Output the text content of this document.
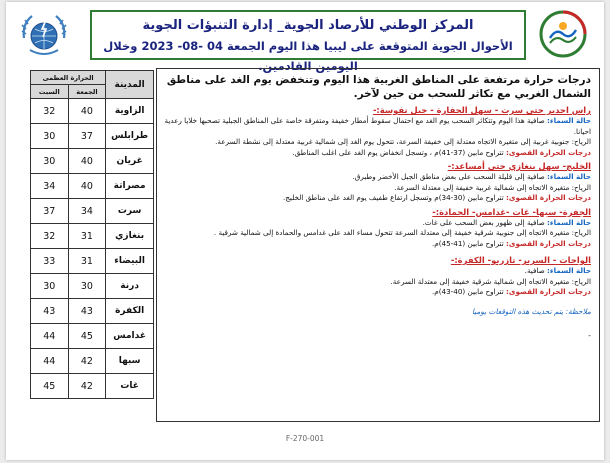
المركز الوطني للأرصاد الجوية_ إدارة التنبؤات الجوية
الأحوال الجوية المتوقعة على ليبيا هذا اليوم الجمعة 04 -08- 2023 وخلال اليومين القادمين.
المدينة	الحرارة العظمى	
	الجمعة	السبت
الزاوية	40	32
طرابلس	37	30
غريان	40	30
مصراتة	40	34
سرت	34	37
بنغازي	31	32
البيضاء	31	33
درنة	30	30
الكفرة	43	43
غدامس	45	44
سبها	42	44
غات	42	45
درجات حرارة مرتفعة على المناطق الغربية هذا اليوم وتنخفض يوم الغد على مناطق الشمال الغربي مع تكاثر للسحب من حين لآخر.
راس اجدير حتى سرت - سهل الجفارة - جبل نفوسة:-
حالة السماء: صافية هذا اليوم وتتكاثر السحب يوم الغد مع احتمال سقوط أمطار خفيفة ومتفرقة خاصة على المناطق الجبلية تصحبها خلايا رعدية احيانا.
الرياح: جنوبية غربية إلى متغيرة الاتجاه معتدلة إلى خفيفة السرعة، تتحول يوم الغد إلى شمالية غربية معتدلة إلى نشطة السرعة.
درجات الحرارة القصوى: تتراوح مابين (37-41)م ، وتسجل انخفاض يوم الغد على اغلب المناطق.
الخليج- سهل بنغازي حتى أمساعد:-
حالة السماء: صافية إلى قليلة السحب على بعض مناطق الجبل الأخضر وطبرق.
الرياح: متغيرة الاتجاه إلى شمالية غربية خفيفة إلى معتدلة السرعة.
درجات الحرارة القصوى: تتراوح مابين (30-34)م وتسجل ارتفاع طفيف يوم الغد على مناطق الخليج.
الجفرة- سبها- غات -غدامس- الحمادة:-
حالة السماء: صافية إلى ظهور بعض السحب على غات.
الرياح: متغيرة الاتجاه إلى جنوبية شرقية خفيفة إلى معتدلة السرعة تتحول مساء الغد على غدامس والحمادة إلى شمالية شرقية .
درجات الحرارة القصوى: تتراوح مابين (41-45)م.
الواحات - السرير- تازربو- الكفرة:-
حالة السماء: صافية.
الرياح: متغيرة الاتجاه إلى شمالية شرقية خفيفة إلى معتدلة السرعة.
درجات الحرارة القصوى: تتراوح مابين (40-43)م.
ملاحظة: يتم تحديث هذه التوقعات يوميا
-
F-270-001
